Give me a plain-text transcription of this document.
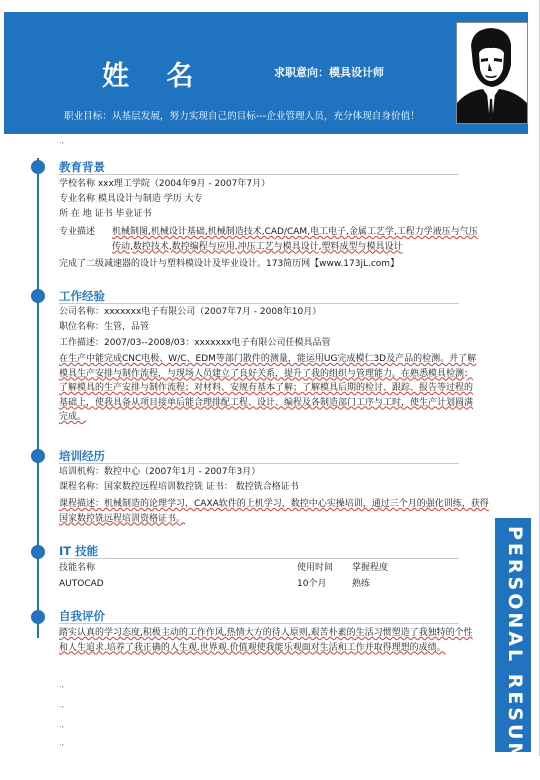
姓 名	求职意向：模具设计师
职业目标：从基层发展，努力实现自己的目标---企业管理人员，充分体现自身价值！
.,
教育背景
学校名称 xxx理工学院（2004年9月 - 2007年7月）
专业名称 模具设计与制造 学历 大专
所 在 地 证书 毕业证书
专业描述 机械制图,机械设计基础,机械制造技术,CAD/CAM,电工电子,金属工艺学,工程力学液压与气压传动,数控技术,数控编程与应用,冲压工艺与模具设计,塑料成型与模具设计
完成了二级减速器的设计与塑料模设计及毕业设计。173简历网【www.173jL.com】
工作经验
公司名称：xxxxxxx电子有限公司（2007年7月 - 2008年10月）
职位名称：生管，品管
工作描述：2007/03--2008/03：xxxxxxx电子有限公司任模具品管
在生产中能完成CNC电极、W/C、EDM等部门散件的测量，能运用UG完成模仁3D及产品的检测。并了解模具生产安排与制作流程，与现场人员建立了良好关系，提升了我的组织与管理能力。在熟悉模具检测；了解模具的生产安排与制作流程；对材料、安规有基本了解；了解模具后期的检讨、跟踪、报告等过程的基础上，使我具备从项目接单后能合理排配工程、设计、编程及各制造部门工序与工时，使生产计划圆满完成。
培训经历
培训机构：数控中心（2007年1月 - 2007年3月）
课程名称：国家数控远程培训数控铣 证书： 数控铣合格证书
课程描述：机械制造的论理学习，CAXA软件的上机学习，数控中心实操培训，通过三个月的强化训练，获得国家数控铣远程培训资格证书。
IT 技能
技能名称	使用时间 掌握程度
AUTOCAD	10个月	熟练
自我评价
踏实认真的学习态度,积极主动的工作作风,热情大方的待人原则,艰苦朴素的生活习惯塑造了我独特的个性和人生追求.培养了我正确的人生观.世界观.价值观使我能乐观面对生活和工作并取得理想的成绩。
.,
.,
.,
.,	PERSONAL RESUME
